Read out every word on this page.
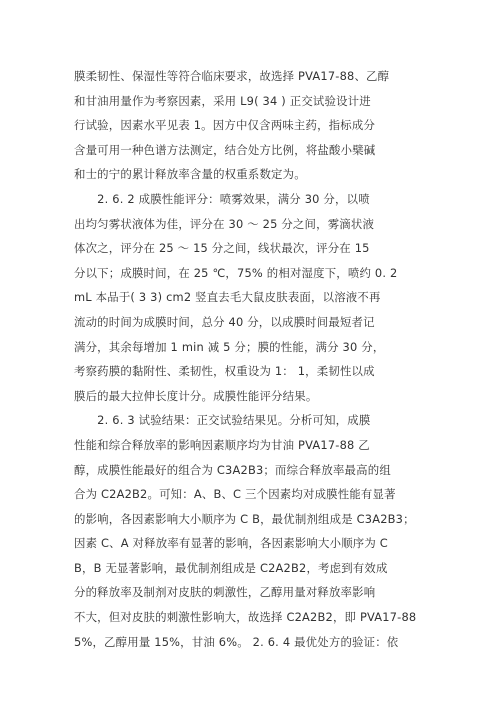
膜柔韧性、保湿性等符合临床要求，故选择 PVA17-88、乙醇
和甘油用量作为考察因素，采用 L9( 34 ) 正交试验设计进
行试验，因素水平见表 1。因方中仅含两味主药，指标成分
含量可用一种色谱方法测定，结合处方比例，将盐酸小檗碱
和士的宁的累计释放率含量的权重系数定为。
　　2. 6. 2 成膜性能评分：喷雾效果，满分 30 分，以喷
出均匀雾状液体为佳，评分在 30 ～ 25 分之间，雾滴状液
体次之，评分在 25 ～ 15 分之间，线状最次，评分在 15
分以下；成膜时间，在 25 ℃，75% 的相对湿度下，喷约 0. 2
mL 本品于( 3 3) cm2 竖直去毛大鼠皮肤表面，以溶液不再
流动的时间为成膜时间，总分 40 分，以成膜时间最短者记
满分，其余每增加 1 min 减 5 分；膜的性能，满分 30 分，
考察药膜的黏附性、柔韧性，权重设为 1： 1，柔韧性以成
膜后的最大拉伸长度计分。成膜性能评分结果。
　　2. 6. 3 试验结果：正交试验结果见。分析可知，成膜
性能和综合释放率的影响因素顺序均为甘油 PVA17-88 乙
醇，成膜性能最好的组合为 C3A2B3；而综合释放率最高的组
合为 C2A2B2。可知：A、B、C 三个因素均对成膜性能有显著
的影响，各因素影响大小顺序为 C B，最优制剂组成是 C3A2B3；
因素 C、A 对释放率有显著的影响，各因素影响大小顺序为 C
B，B 无显著影响，最优制剂组成是 C2A2B2，考虑到有效成
分的释放率及制剂对皮肤的刺激性，乙醇用量对释放率影响
不大，但对皮肤的刺激性影响大，故选择 C2A2B2，即 PVA17-88
5%，乙醇用量 15%，甘油 6%。 2. 6. 4 最优处方的验证：依
